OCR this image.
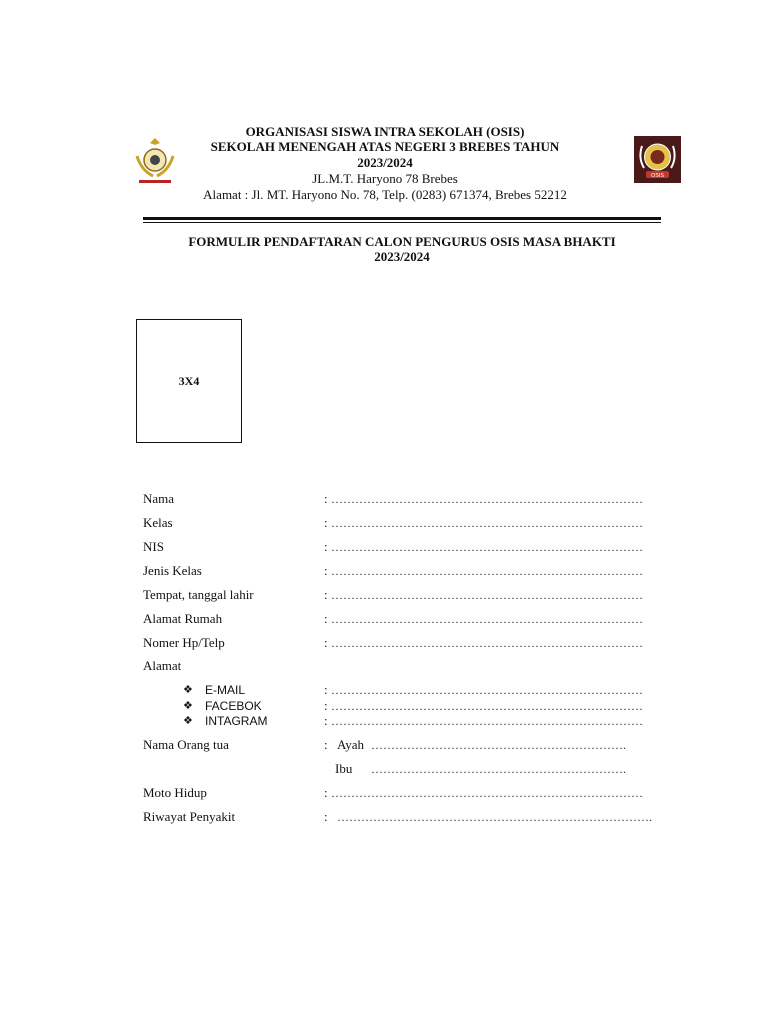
OSIS
ORGANISASI SISWA INTRA SEKOLAH (OSIS)
SEKOLAH MENENGAH ATAS NEGERI 3 BREBES TAHUN
2023/2024
JL.M.T. Haryono 78 Brebes
Alamat : Jl. MT. Haryono No. 78, Telp. (0283) 671374, Brebes 52212
FORMULIR PENDAFTARAN CALON PENGURUS OSIS MASA BHAKTI
2023/2024
3X4
Nama	: ……………………………………………………………………
Kelas	: ……………………………………………………………………
NIS	: ……………………………………………………………………
Jenis Kelas	: ……………………………………………………………………
Tempat, tanggal lahir	: ……………………………………………………………………
Alamat Rumah	: ……………………………………………………………………
Nomer Hp/Telp	: ……………………………………………………………………
Alamat
❖ E-MAIL	: ……………………………………………………………………
❖ FACEBOK	: ……………………………………………………………………
❖ INTAGRAM	: ……………………………………………………………………
Nama Orang tua	: Ayah ……………………………………………………….
Ibu ……………………………………………………….
Moto Hidup	: ……………………………………………………………………
Riwayat Penyakit	: …………………………………………………………………….
